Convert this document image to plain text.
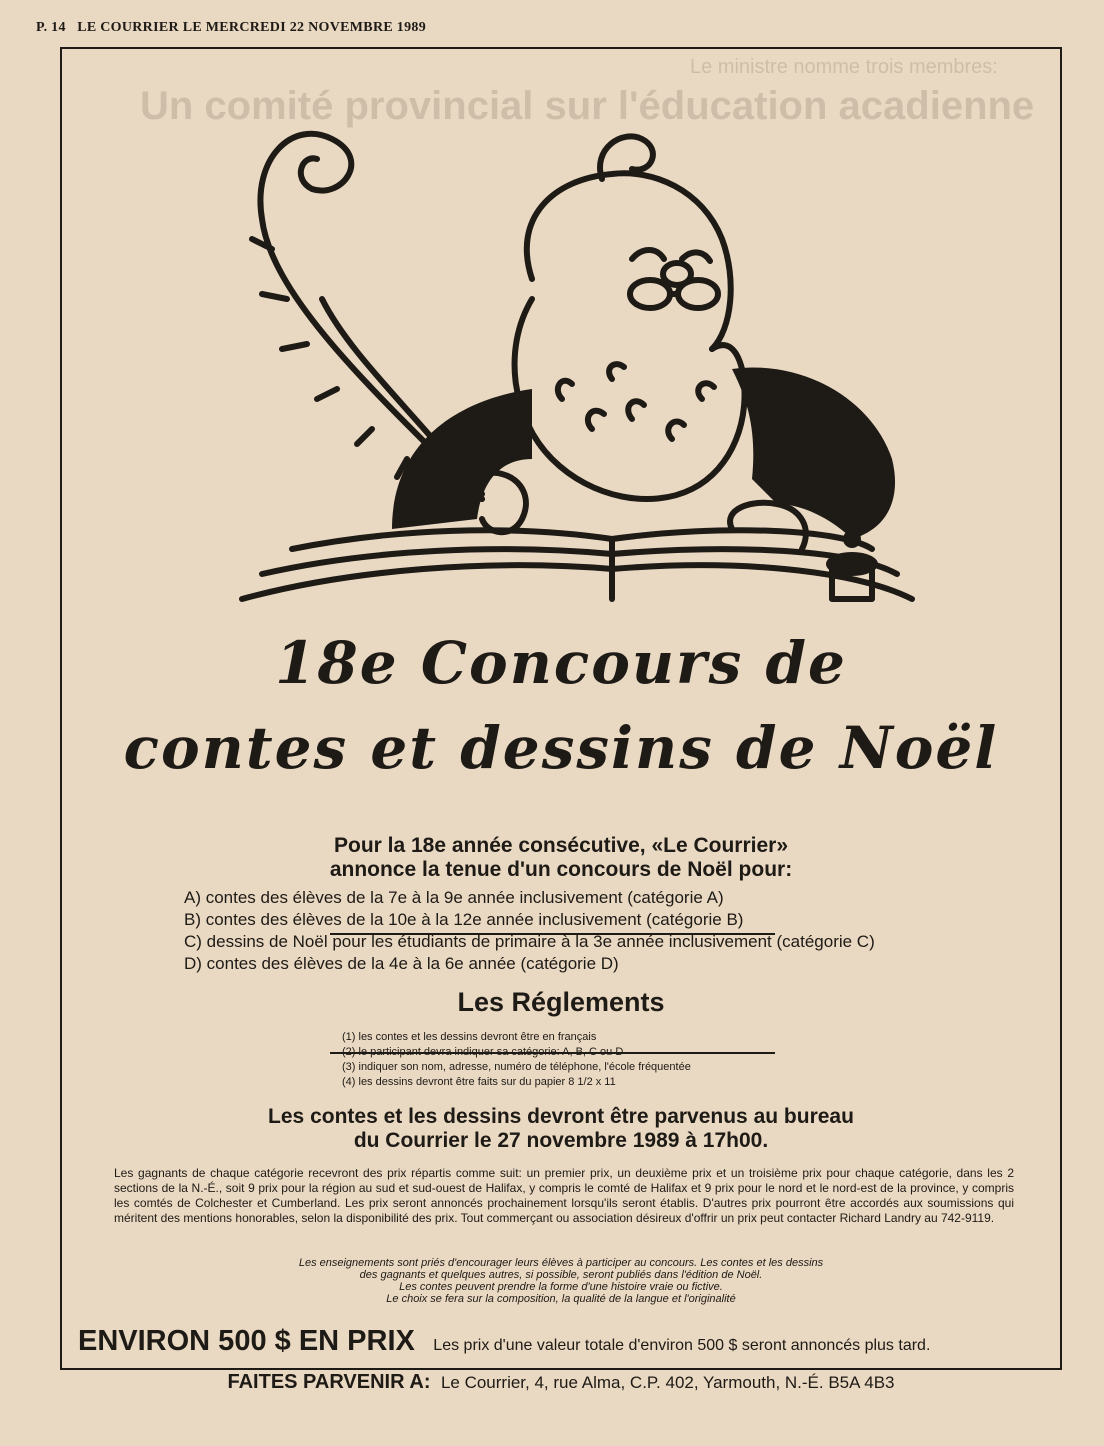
P. 14 LE COURRIER LE MERCREDI 22 NOVEMBRE 1989
Le ministre nomme trois membres:
Un comité provincial sur l'éducation acadienne
18e Concours de
contes et dessins de Noël
Pour la 18e année consécutive, «Le Courrier»
annonce la tenue d'un concours de Noël pour:
A) contes des élèves de la 7e à la 9e année inclusivement (catégorie A)
B) contes des élèves de la 10e à la 12e année inclusivement (catégorie B)
C) dessins de Noël pour les étudiants de primaire à la 3e année inclusivement (catégorie C)
D) contes des élèves de la 4e à la 6e année (catégorie D)
Les Réglements
(1) les contes et les dessins devront être en français
(2) le participant devra indiquer sa catégorie: A, B, C ou D
(3) indiquer son nom, adresse, numéro de téléphone, l'école fréquentée
(4) les dessins devront être faits sur du papier 8 1/2 x 11
Les contes et les dessins devront être parvenus au bureau
du Courrier le 27 novembre 1989 à 17h00.
Les gagnants de chaque catégorie recevront des prix répartis comme suit: un premier prix, un deuxième prix et un troisième prix pour chaque catégorie, dans les 2 sections de la N.-É., soit 9 prix pour la région au sud et sud-ouest de Halifax, y compris le comté de Halifax et 9 prix pour le nord et le nord-est de la province, y compris les comtés de Colchester et Cumberland. Les prix seront annoncés prochainement lorsqu'ils seront établis. D'autres prix pourront être accordés aux soumissions qui méritent des mentions honorables, selon la disponibilité des prix. Tout commerçant ou association désireux d'offrir un prix peut contacter Richard Landry au 742-9119.
Les enseignements sont priés d'encourager leurs élèves à participer au concours. Les contes et les dessins
des gagnants et quelques autres, si possible, seront publiés dans l'édition de Noël.
Les contes peuvent prendre la forme d'une histoire vraie ou fictive.
Le choix se fera sur la composition, la qualité de la langue et l'originalité
ENVIRON 500 $ EN PRIX Les prix d'une valeur totale d'environ 500 $ seront annoncés plus tard.
FAITES PARVENIR A: Le Courrier, 4, rue Alma, C.P. 402, Yarmouth, N.-É. B5A 4B3
